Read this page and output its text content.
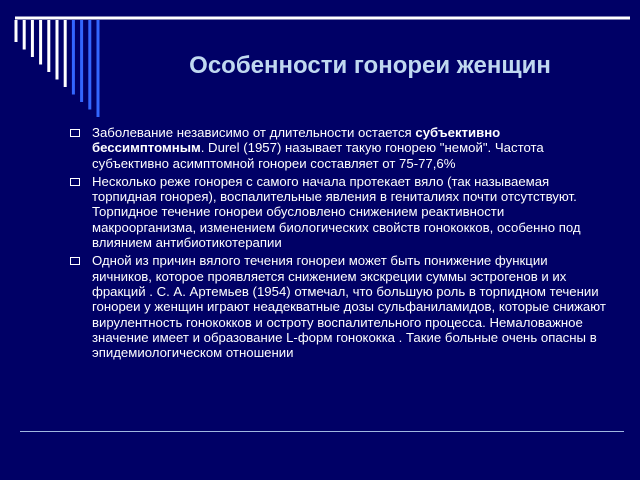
Особенности гонореи женщин
Заболевание независимо от длительности остается субъективно бессимптомным. Durel (1957) называет такую гонорею "немой". Частота субъективно асимптомной гонореи составляет от 75-77,6%
Несколько реже гонорея с самого начала протекает вяло (так называемая торпидная гонорея), воспалительные явления в гениталиях почти отсутствуют. Торпидное течение гонореи обусловлено снижением реактивности макроорганизма, изменением биологических свойств гонококков, особенно под влиянием антибиотикотерапии
Одной из причин вялого течения гонореи может быть понижение функции яичников, которое проявляется снижением экскреции суммы эстрогенов и их фракций . С. А. Артемьев (1954) отмечал, что большую роль в торпидном течении гонореи у женщин играют неадекватные дозы сульфаниламидов, которые снижают вирулентность гонококков и остроту воспалительного процесса. Немаловажное значение имеет и образование L-форм гонококка . Такие больные очень опасны в эпидемиологическом отношении
